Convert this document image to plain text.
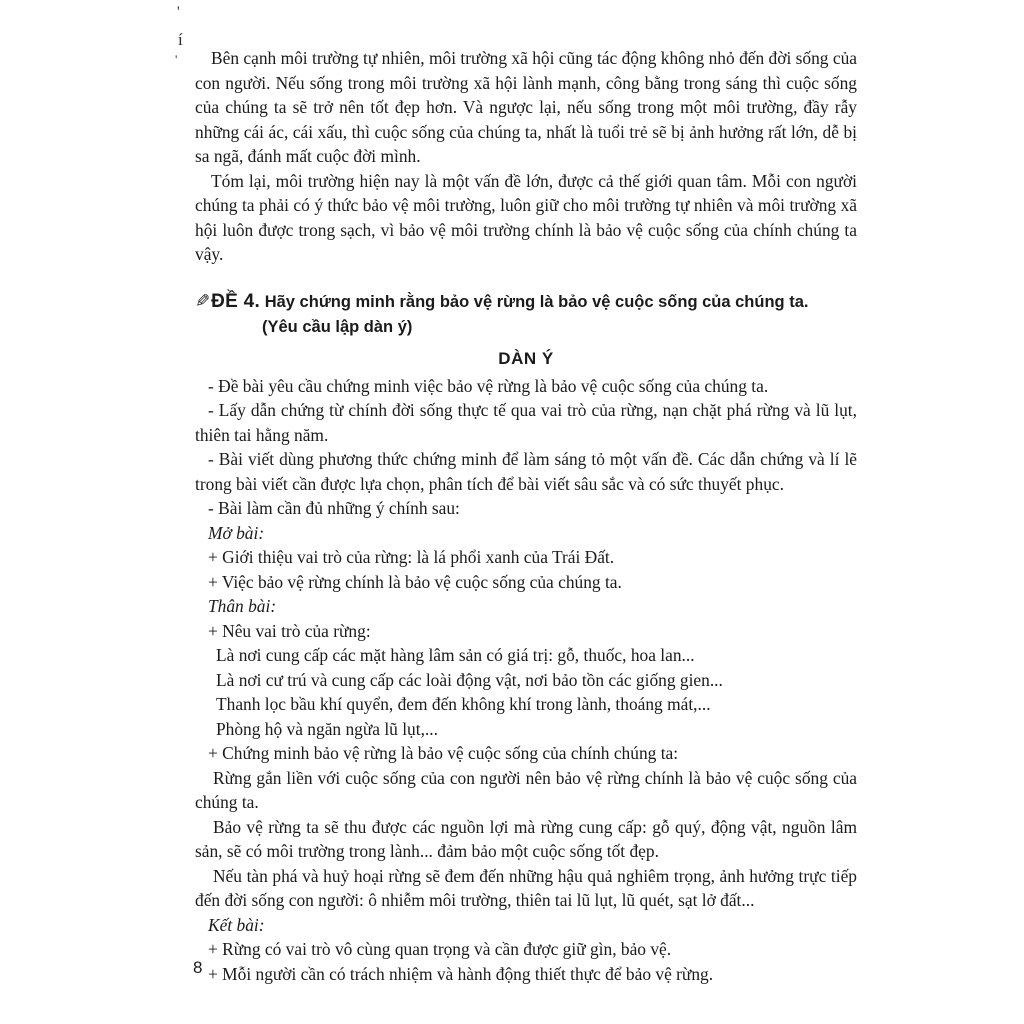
'
í
'	Bên cạnh môi trường tự nhiên, môi trường xã hội cũng tác động không nhỏ đến đời sống của con người. Nếu sống trong môi trường xã hội lành mạnh, công bằng trong sáng thì cuộc sống của chúng ta sẽ trở nên tốt đẹp hơn. Và ngược lại, nếu sống trong một môi trường, đầy rẫy những cái ác, cái xấu, thì cuộc sống của chúng ta, nhất là tuổi trẻ sẽ bị ảnh hưởng rất lớn, dễ bị sa ngã, đánh mất cuộc đời mình.

Tóm lại, môi trường hiện nay là một vấn đề lớn, được cả thế giới quan tâm. Mỗi con người chúng ta phải có ý thức bảo vệ môi trường, luôn giữ cho môi trường tự nhiên và môi trường xã hội luôn được trong sạch, vì bảo vệ môi trường chính là bảo vệ cuộc sống của chính chúng ta vậy.

✎ĐỀ 4. Hãy chứng minh rằng bảo vệ rừng là bảo vệ cuộc sống của chúng ta.
(Yêu cầu lập dàn ý)
DÀN Ý
- Đề bài yêu cầu chứng minh việc bảo vệ rừng là bảo vệ cuộc sống của chúng ta.
- Lấy dẫn chứng từ chính đời sống thực tế qua vai trò của rừng, nạn chặt phá rừng và lũ lụt, thiên tai hằng năm.
- Bài viết dùng phương thức chứng minh để làm sáng tỏ một vấn đề. Các dẫn chứng và lí lẽ trong bài viết cần được lựa chọn, phân tích để bài viết sâu sắc và có sức thuyết phục.
- Bài làm cần đủ những ý chính sau:
Mở bài:
+ Giới thiệu vai trò của rừng: là lá phổi xanh của Trái Đất.
+ Việc bảo vệ rừng chính là bảo vệ cuộc sống của chúng ta.
Thân bài:
+ Nêu vai trò của rừng:
Là nơi cung cấp các mặt hàng lâm sản có giá trị: gỗ, thuốc, hoa lan...
Là nơi cư trú và cung cấp các loài động vật, nơi bảo tồn các giống gien...
Thanh lọc bầu khí quyển, đem đến không khí trong lành, thoáng mát,...
Phòng hộ và ngăn ngừa lũ lụt,...
+ Chứng minh bảo vệ rừng là bảo vệ cuộc sống của chính chúng ta:
Rừng gắn liền với cuộc sống của con người nên bảo vệ rừng chính là bảo vệ cuộc sống của chúng ta.
Bảo vệ rừng ta sẽ thu được các nguồn lợi mà rừng cung cấp: gỗ quý, động vật, nguồn lâm sản, sẽ có môi trường trong lành... đảm bảo một cuộc sống tốt đẹp.
Nếu tàn phá và huỷ hoại rừng sẽ đem đến những hậu quả nghiêm trọng, ảnh hưởng trực tiếp đến đời sống con người: ô nhiễm môi trường, thiên tai lũ lụt, lũ quét, sạt lở đất...
Kết bài:
+ Rừng có vai trò vô cùng quan trọng và cần được giữ gìn, bảo vệ.
+ Mỗi người cần có trách nhiệm và hành động thiết thực để bảo vệ rừng.
8
